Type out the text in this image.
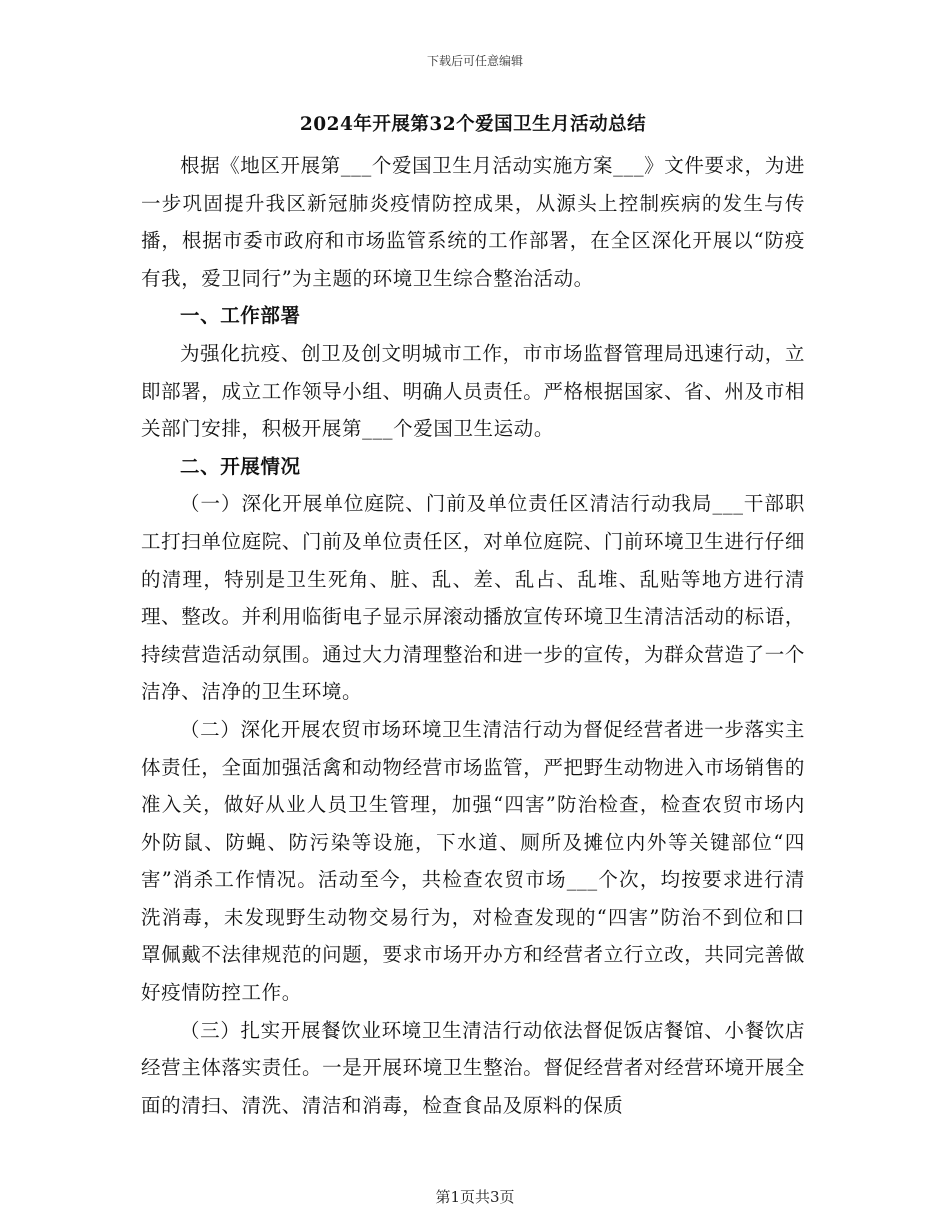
下载后可任意编辑
2024年开展第32个爱国卫生月活动总结

根据《地区开展第___个爱国卫生月活动实施方案___》文件要求，为进一步巩固提升我区新冠肺炎疫情防控成果，从源头上控制疾病的发生与传播，根据市委市政府和市场监管系统的工作部署，在全区深化开展以“防疫有我，爱卫同行”为主题的环境卫生综合整治活动。

一、工作部署

为强化抗疫、创卫及创文明城市工作，市市场监督管理局迅速行动，立即部署，成立工作领导小组、明确人员责任。严格根据国家、省、州及市相关部门安排，积极开展第___个爱国卫生运动。

二、开展情况

（一）深化开展单位庭院、门前及单位责任区清洁行动我局___干部职工打扫单位庭院、门前及单位责任区，对单位庭院、门前环境卫生进行仔细的清理，特别是卫生死角、脏、乱、差、乱占、乱堆、乱贴等地方进行清理、整改。并利用临街电子显示屏滚动播放宣传环境卫生清洁活动的标语，持续营造活动氛围。通过大力清理整治和进一步的宣传，为群众营造了一个洁净、洁净的卫生环境。

（二）深化开展农贸市场环境卫生清洁行动为督促经营者进一步落实主体责任，全面加强活禽和动物经营市场监管，严把野生动物进入市场销售的准入关，做好从业人员卫生管理，加强“四害”防治检查，检查农贸市场内外防鼠、防蝇、防污染等设施，下水道、厕所及摊位内外等关键部位“四害”消杀工作情况。活动至今，共检查农贸市场___个次，均按要求进行清洗消毒，未发现野生动物交易行为，对检查发现的“四害”防治不到位和口罩佩戴不法律规范的问题，要求市场开办方和经营者立行立改，共同完善做好疫情防控工作。

（三）扎实开展餐饮业环境卫生清洁行动依法督促饭店餐馆、小餐饮店经营主体落实责任。一是开展环境卫生整治。督促经营者对经营环境开展全面的清扫、清洗、清洁和消毒，检查食品及原料的保质

第1页共3页
